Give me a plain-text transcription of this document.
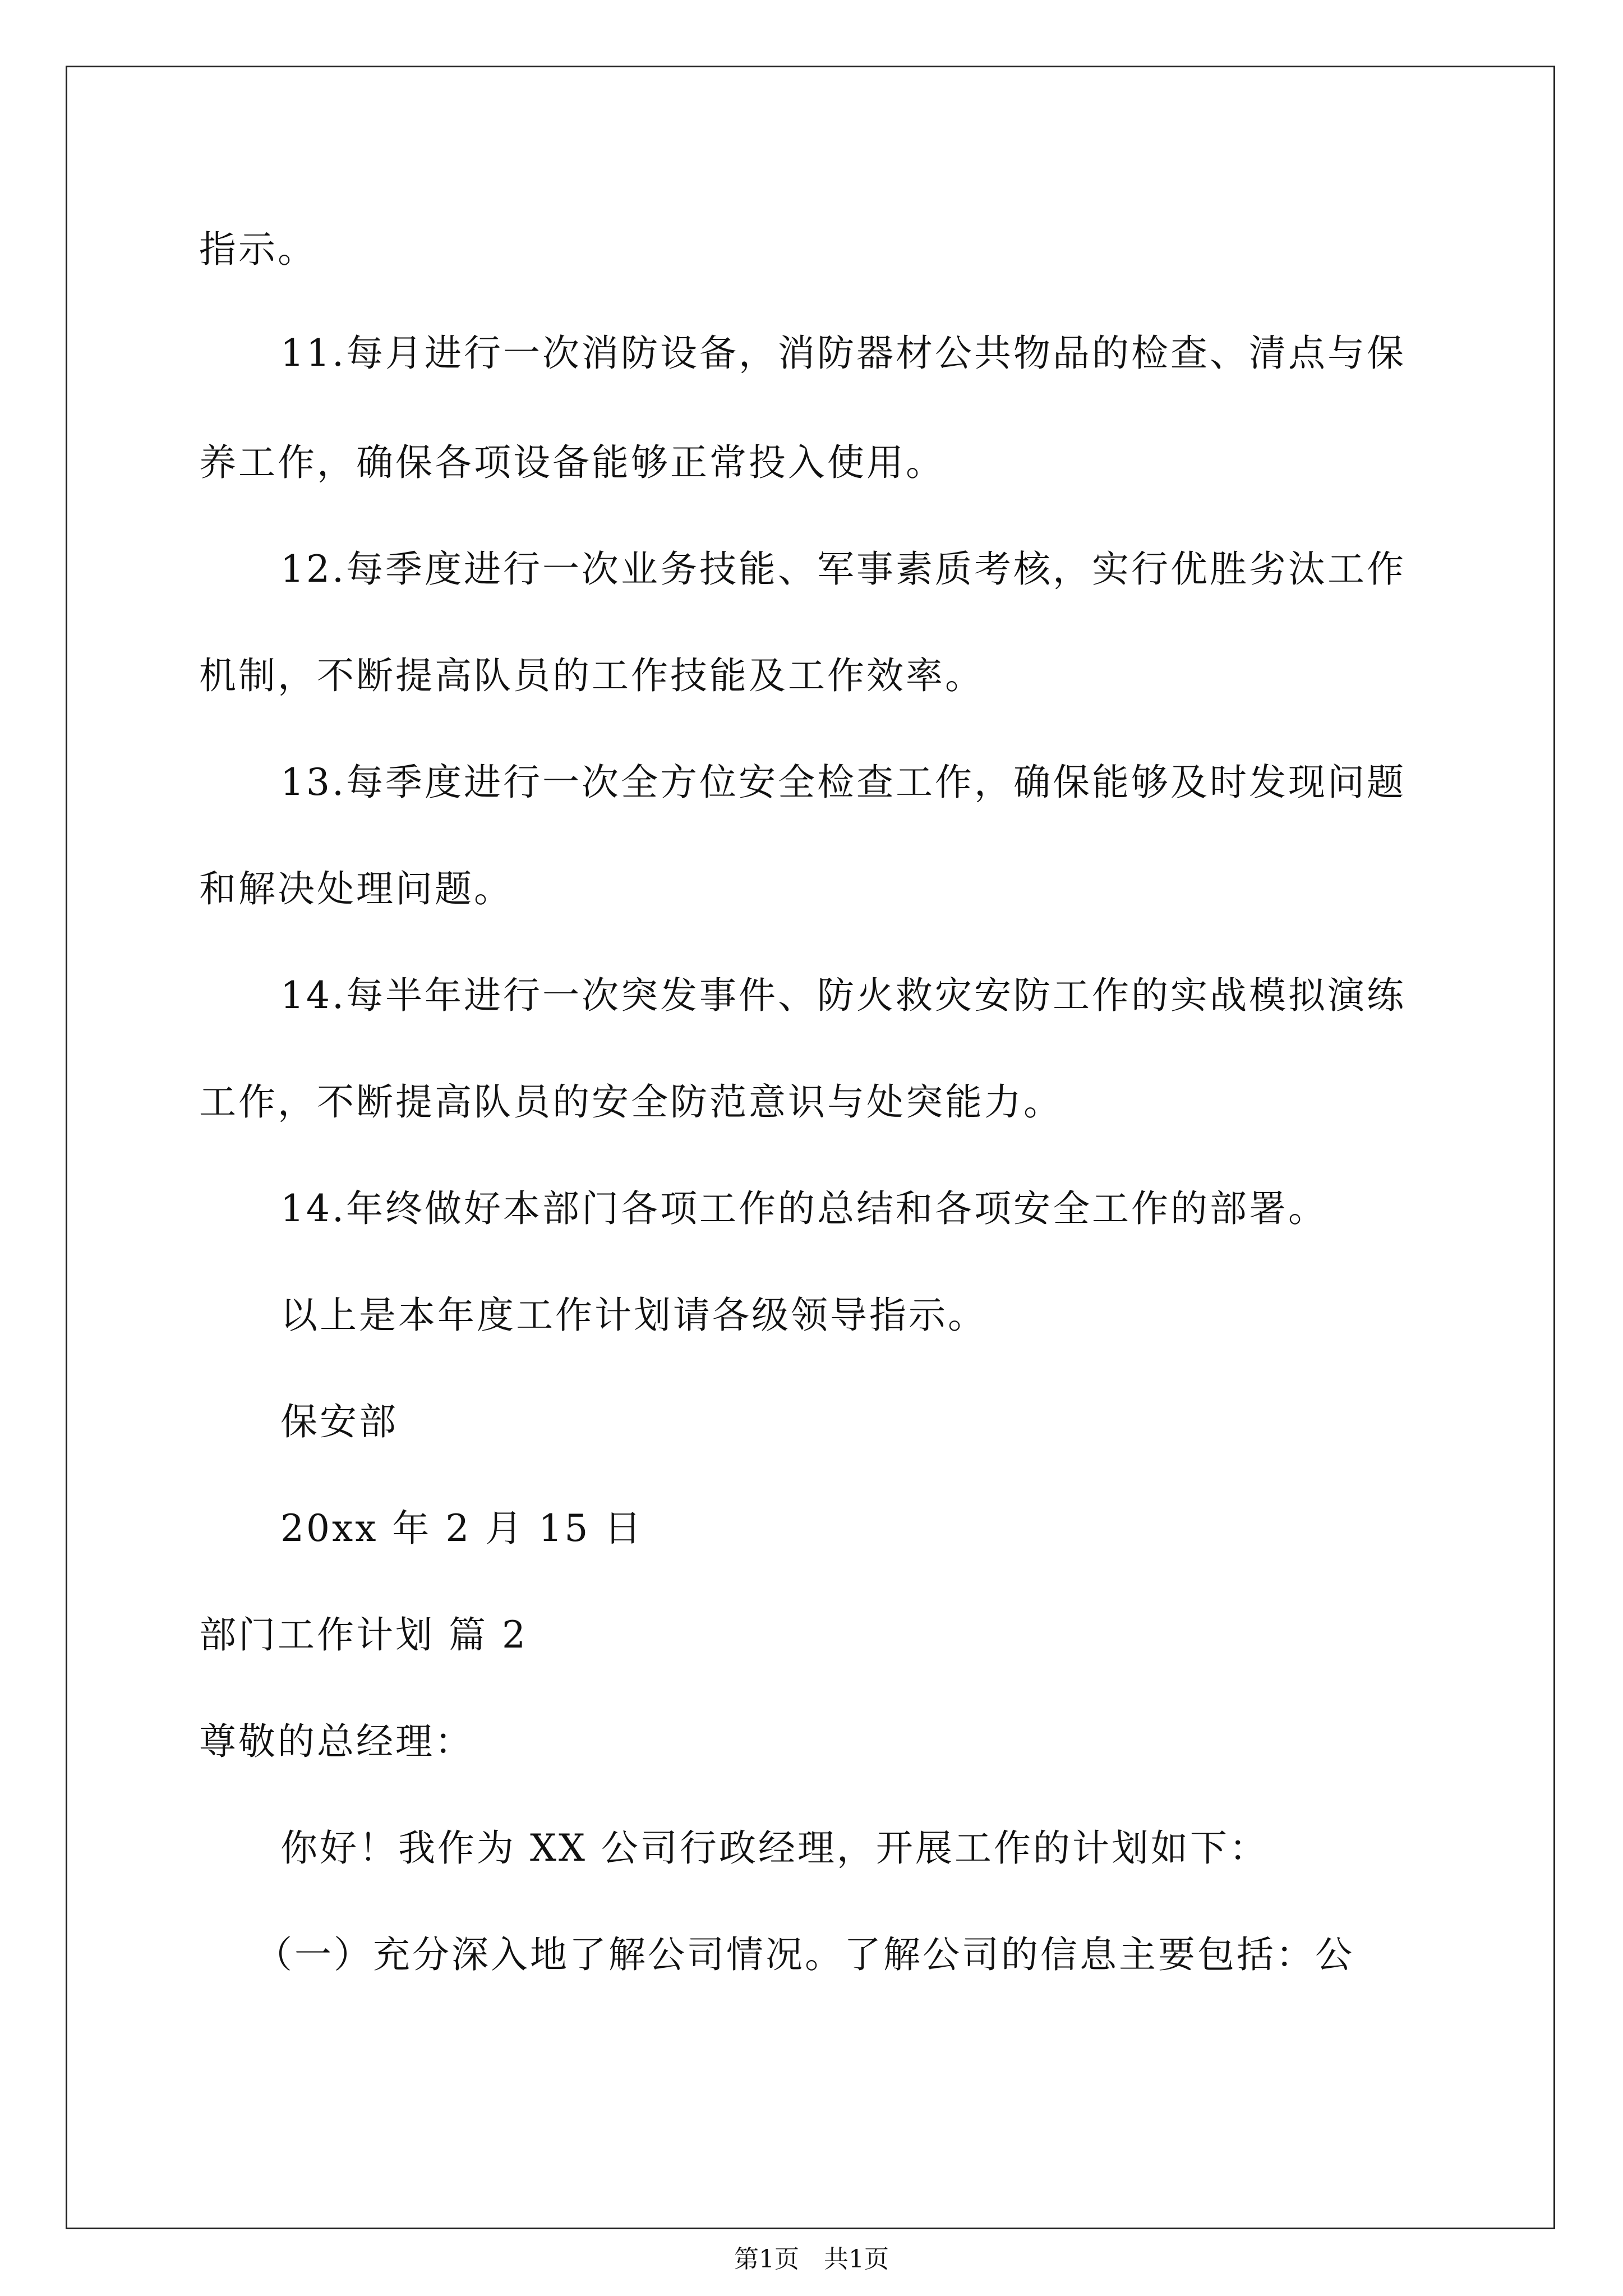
指示。
11.每月进行一次消防设备，消防器材公共物品的检查、清点与保
养工作，确保各项设备能够正常投入使用。
12.每季度进行一次业务技能、军事素质考核，实行优胜劣汰工作
机制，不断提高队员的工作技能及工作效率。
13.每季度进行一次全方位安全检查工作，确保能够及时发现问题
和解决处理问题。
14.每半年进行一次突发事件、防火救灾安防工作的实战模拟演练
工作，不断提高队员的安全防范意识与处突能力。
14.年终做好本部门各项工作的总结和各项安全工作的部署。
以上是本年度工作计划请各级领导指示。
保安部
20xx 年 2 月 15 日
部门工作计划 篇 2
尊敬的总经理：
你好！我作为 XX 公司行政经理，开展工作的计划如下：
（一）充分深入地了解公司情况。了解公司的信息主要包括：公
第1页　共1页
